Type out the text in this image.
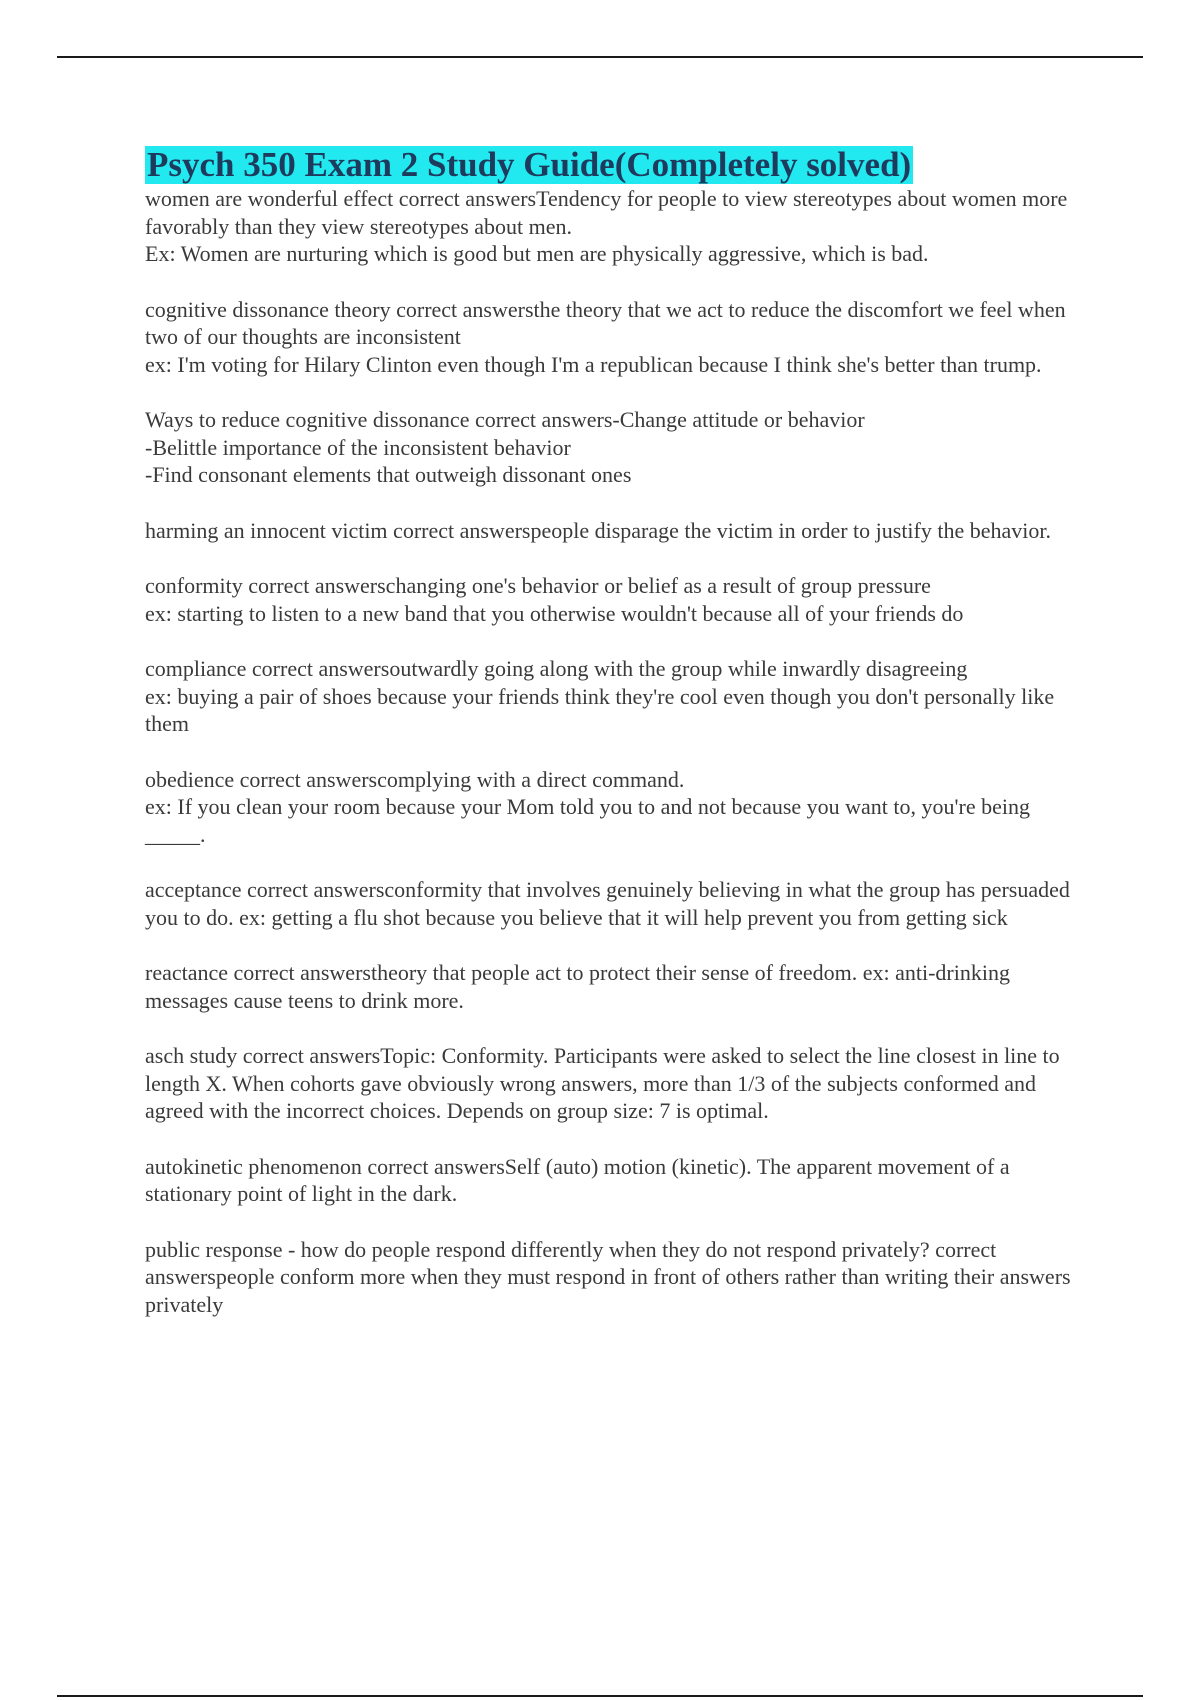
Psych 350 Exam 2 Study Guide(Completely solved)

women are wonderful effect correct answersTendency for people to view stereotypes about women more favorably than they view stereotypes about men.
Ex: Women are nurturing which is good but men are physically aggressive, which is bad.

cognitive dissonance theory correct answersthe theory that we act to reduce the discomfort we feel when two of our thoughts are inconsistent
ex: I'm voting for Hilary Clinton even though I'm a republican because I think she's better than trump.

Ways to reduce cognitive dissonance correct answers-Change attitude or behavior
-Belittle importance of the inconsistent behavior
-Find consonant elements that outweigh dissonant ones

harming an innocent victim correct answerspeople disparage the victim in order to justify the behavior.

conformity correct answerschanging one's behavior or belief as a result of group pressure
ex: starting to listen to a new band that you otherwise wouldn't because all of your friends do

compliance correct answersoutwardly going along with the group while inwardly disagreeing
ex: buying a pair of shoes because your friends think they're cool even though you don't personally like them

obedience correct answerscomplying with a direct command.
ex: If you clean your room because your Mom told you to and not because you want to, you're being _____.

acceptance correct answersconformity that involves genuinely believing in what the group has persuaded you to do. ex: getting a flu shot because you believe that it will help prevent you from getting sick

reactance correct answerstheory that people act to protect their sense of freedom. ex: anti-drinking messages cause teens to drink more.

asch study correct answersTopic: Conformity. Participants were asked to select the line closest in line to length X. When cohorts gave obviously wrong answers, more than 1/3 of the subjects conformed and agreed with the incorrect choices. Depends on group size: 7 is optimal.

autokinetic phenomenon correct answersSelf (auto) motion (kinetic). The apparent movement of a stationary point of light in the dark.

public response - how do people respond differently when they do not respond privately? correct answerspeople conform more when they must respond in front of others rather than writing their answers privately
